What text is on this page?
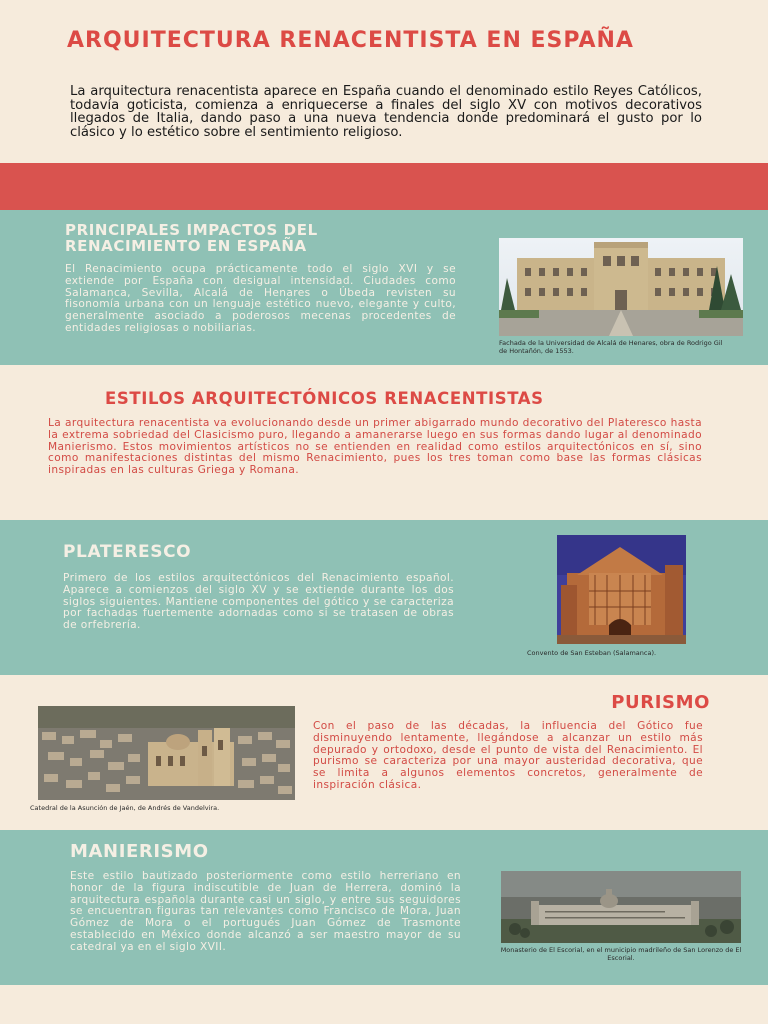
ARQUITECTURA RENACENTISTA EN ESPAÑA

La arquitectura renacentista aparece en España cuando el denominado estilo Reyes Católicos, todavía goticista, comienza a enriquecerse a finales del siglo XV con motivos decorativos llegados de Italia, dando paso a una nueva tendencia donde predominará el gusto por lo clásico y lo estético sobre el sentimiento religioso.

PRINCIPALES IMPACTOS DEL RENACIMIENTO EN ESPAÑA

El Renacimiento ocupa prácticamente todo el siglo XVI y se extiende por España con desigual intensidad. Ciudades como Salamanca, Sevilla, Alcalá de Henares o Úbeda revisten su fisonomía urbana con un lenguaje estético nuevo, elegante y culto, generalmente asociado a poderosos mecenas procedentes de entidades religiosas o nobiliarias.

Fachada de la Universidad de Alcalá de Henares, obra de Rodrigo Gil de Hontañón, de 1553.

ESTILOS ARQUITECTÓNICOS RENACENTISTAS

La arquitectura renacentista va evolucionando desde un primer abigarrado mundo decorativo del Plateresco hasta la extrema sobriedad del Clasicismo puro, llegando a amanerarse luego en sus formas dando lugar al denominado Manierismo. Estos movimientos artísticos no se entienden en realidad como estilos arquitectónicos en sí, sino como manifestaciones distintas del mismo Renacimiento, pues los tres toman como base las formas clásicas inspiradas en las culturas Griega y Romana.

PLATERESCO

Primero de los estilos arquitectónicos del Renacimiento español. Aparece a comienzos del siglo XV y se extiende durante los dos siglos siguientes. Mantiene componentes del gótico y se caracteriza por fachadas fuertemente adornadas como si se tratasen de obras de orfebrería.

Convento de San Esteban (Salamanca).

PURISMO

Con el paso de las décadas, la influencia del Gótico fue disminuyendo lentamente, llegándose a alcanzar un estilo más depurado y ortodoxo, desde el punto de vista del Renacimiento. El purismo se caracteriza por una mayor austeridad decorativa, que se limita a algunos elementos concretos, generalmente de inspiración clásica.

Catedral de la Asunción de Jaén, de Andrés de Vandelvira.

MANIERISMO

Este estilo bautizado posteriormente como estilo herreriano en honor de la figura indiscutible de Juan de Herrera, dominó la arquitectura española durante casi un siglo, y entre sus seguidores se encuentran figuras tan relevantes como Francisco de Mora, Juan Gómez de Mora o el portugués Juan Gómez de Trasmonte establecido en México donde alcanzó a ser maestro mayor de su catedral ya en el siglo XVII.	Monasterio de El Escorial, en el municipio madrileño de San Lorenzo de El Escorial.
